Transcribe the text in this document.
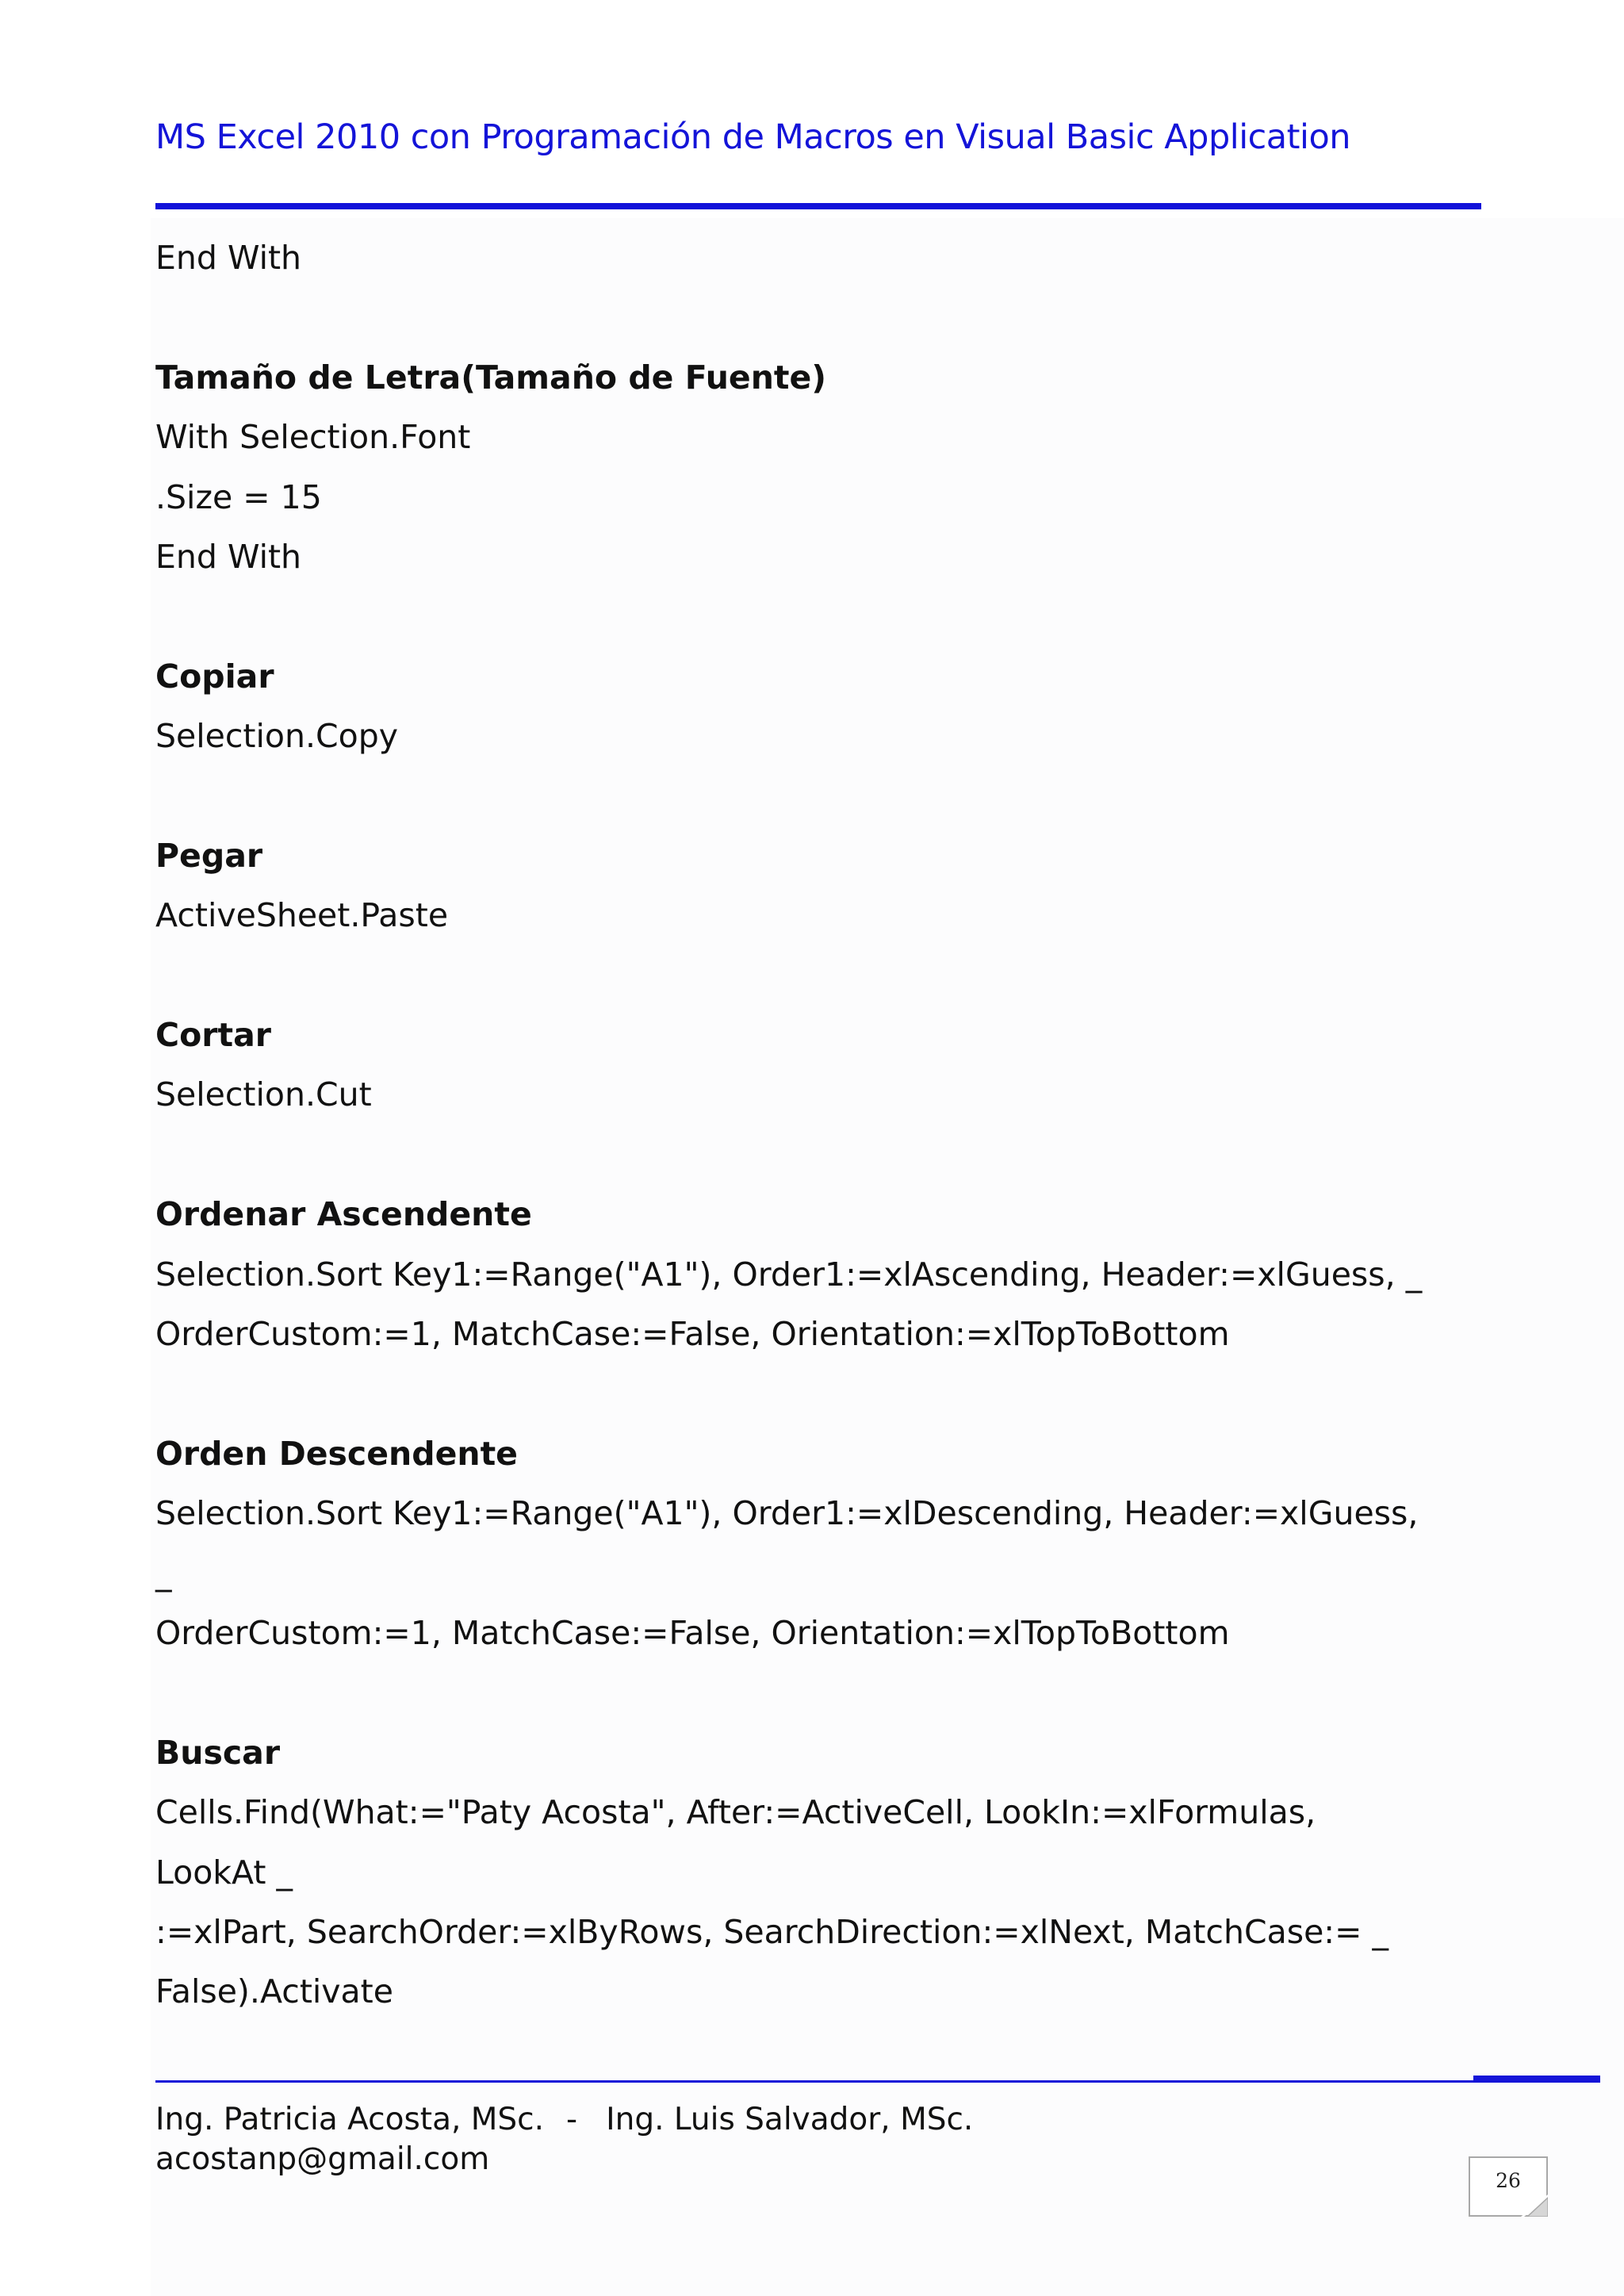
MS Excel 2010 con Programación de Macros en Visual Basic Application
End With
Tamaño de Letra(Tamaño de Fuente)
With Selection.Font
.Size = 15
End With
Copiar
Selection.Copy
Pegar
ActiveSheet.Paste
Cortar
Selection.Cut
Ordenar Ascendente
Selection.Sort Key1:=Range("A1"), Order1:=xlAscending, Header:=xlGuess, _
OrderCustom:=1, MatchCase:=False, Orientation:=xlTopToBottom
Orden Descendente
Selection.Sort Key1:=Range("A1"), Order1:=xlDescending, Header:=xlGuess,
_
OrderCustom:=1, MatchCase:=False, Orientation:=xlTopToBottom
Buscar
Cells.Find(What:="Paty Acosta", After:=ActiveCell, LookIn:=xlFormulas,
LookAt _
:=xlPart, SearchOrder:=xlByRows, SearchDirection:=xlNext, MatchCase:= _
False).Activate
Ing. Patricia Acosta, MSc. - Ing. Luis Salvador, MSc.
acostanp@gmail.com
26
